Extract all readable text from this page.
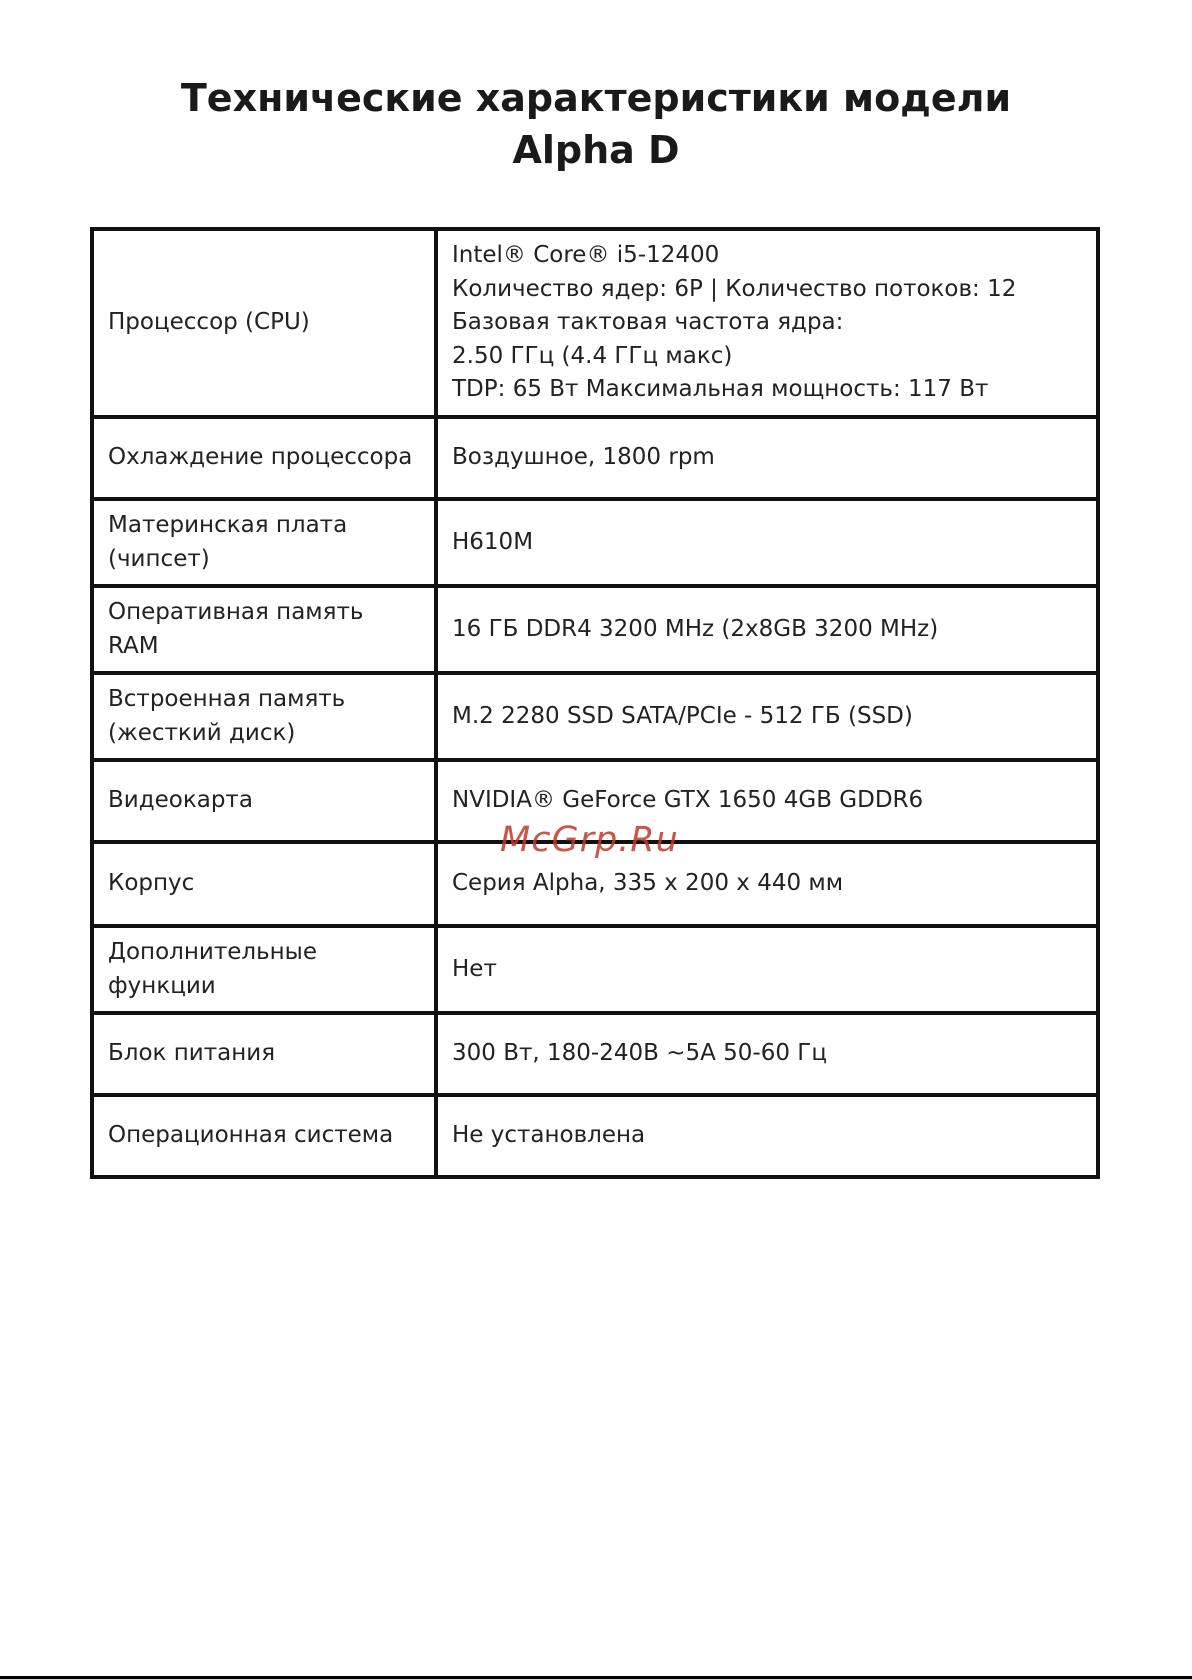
Технические характеристики модели
Alpha D
Процессор (CPU)	Intel® Core® i5-12400
Количество ядер: 6P | Количество потоков: 12
Базовая тактовая частота ядра:
2.50 ГГц (4.4 ГГц макс)
TDP: 65 Вт Максимальная мощность: 117 Вт

Охлаждение процессора	Воздушное, 1800 rpm

Материнская плата
(чипсет)	H610M

Оперативная память
RAM	16 ГБ DDR4 3200 MHz (2x8GB 3200 MHz)

Встроенная память
(жесткий диск)	M.2 2280 SSD SATA/PCIe - 512 ГБ (SSD)

Видеокарта	NVIDIA® GeForce GTX 1650 4GB GDDR6

Корпус	Серия Alpha, 335 x 200 x 440 мм

Дополнительные
функции	Нет

Блок питания	300 Вт, 180-240В ~5А 50-60 Гц

Операционная система	Не установлена
McGrp.Ru
